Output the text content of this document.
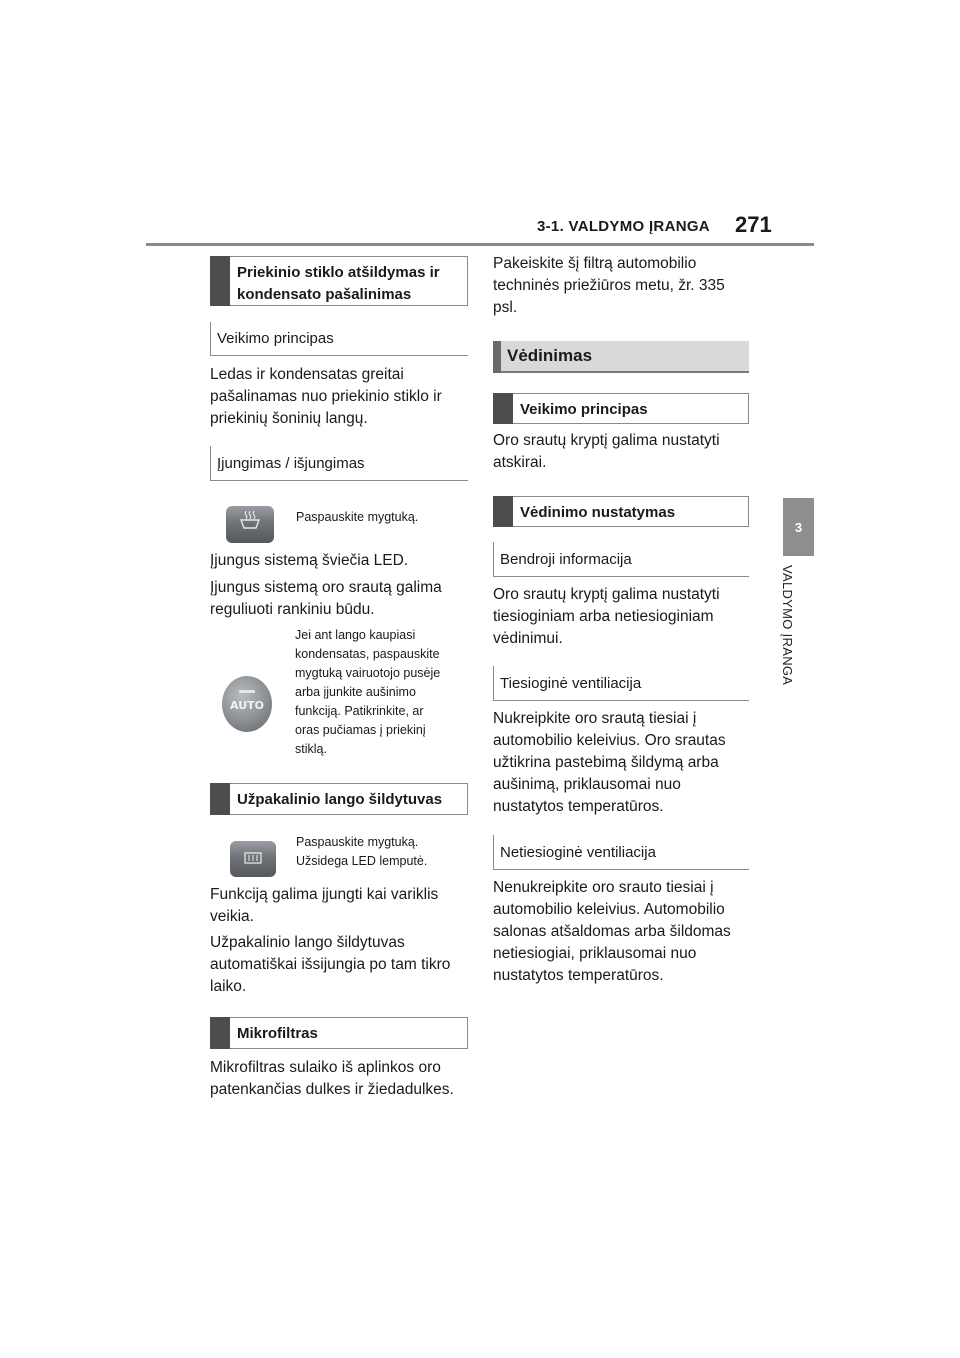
3-1. VALDYMO ĮRANGA 271
3
VALDYMO ĮRANGA
Priekinio stiklo atšildymas ir kondensato pašalinimas
Veikimo principas
Ledas ir kondensatas greitai
pašalinamas nuo priekinio stiklo ir
priekinių šoninių langų.
Įjungimas / išjungimas
Paspauskite mygtuką.
Įjungus sistemą šviečia LED.
Įjungus sistemą oro srautą galima
reguliuoti rankiniu būdu.
AUTO
Jei ant lango kaupiasi
kondensatas, paspauskite
mygtuką vairuotojo pusėje
arba įjunkite aušinimo
funkciją. Patikrinkite, ar
oras pučiamas į priekinį
stiklą.
Užpakalinio lango šildytuvas
Paspauskite mygtuką.
Užsidega LED lemputė.
Funkciją galima įjungti kai variklis
veikia.
Užpakalinio lango šildytuvas
automatiškai išsijungia po tam tikro
laiko.
Mikrofiltras
Mikrofiltras sulaiko iš aplinkos oro
patenkančias dulkes ir žiedadulkes.
Pakeiskite šį filtrą automobilio
techninės priežiūros metu, žr. 335
psl.
Vėdinimas
Veikimo principas
Oro srautų kryptį galima nustatyti
atskirai.
Vėdinimo nustatymas
Bendroji informacija
Oro srautų kryptį galima nustatyti
tiesioginiam arba netiesioginiam
vėdinimui.
Tiesioginė ventiliacija
Nukreipkite oro srautą tiesiai į
automobilio keleivius. Oro srautas
užtikrina pastebimą šildymą arba
aušinimą, priklausomai nuo
nustatytos temperatūros.
Netiesioginė ventiliacija
Nenukreipkite oro srauto tiesiai į
automobilio keleivius. Automobilio
salonas atšaldomas arba šildomas
netiesiogiai, priklausomai nuo
nustatytos temperatūros.
